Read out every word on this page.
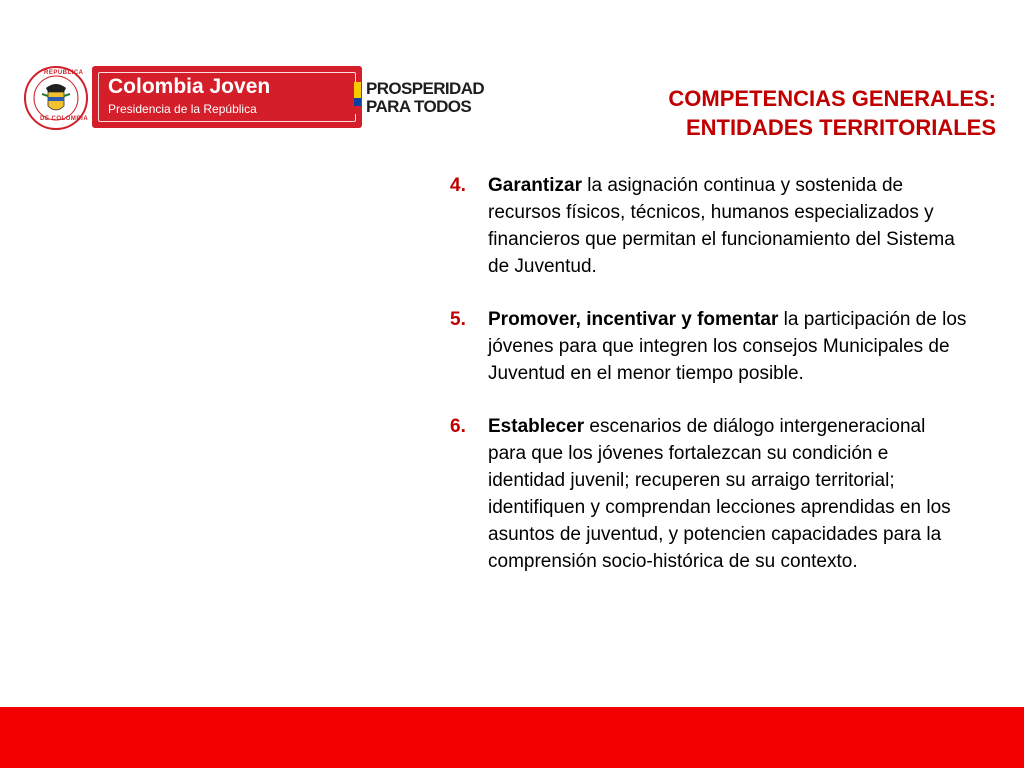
REPÚBLICA
DE COLOMBIA
Colombia Joven
Presidencia de la República
PROSPERIDAD
PARA TODOS	COMPETENCIAS GENERALES:
ENTIDADES TERRITORIALES
4.	Garantizar la asignación continua y sostenida de recursos físicos, técnicos, humanos especializados y financieros que permitan el funcionamiento del Sistema de Juventud.
5.	Promover, incentivar y fomentar la participación de los jóvenes para que integren los consejos Municipales de Juventud en el menor tiempo posible.
6.	Establecer escenarios de diálogo intergeneracional para que los jóvenes fortalezcan su condición e identidad juvenil; recuperen su arraigo territorial; identifiquen y comprendan lecciones aprendidas en los asuntos de juventud, y potencien capacidades para la comprensión socio-histórica de su contexto.
